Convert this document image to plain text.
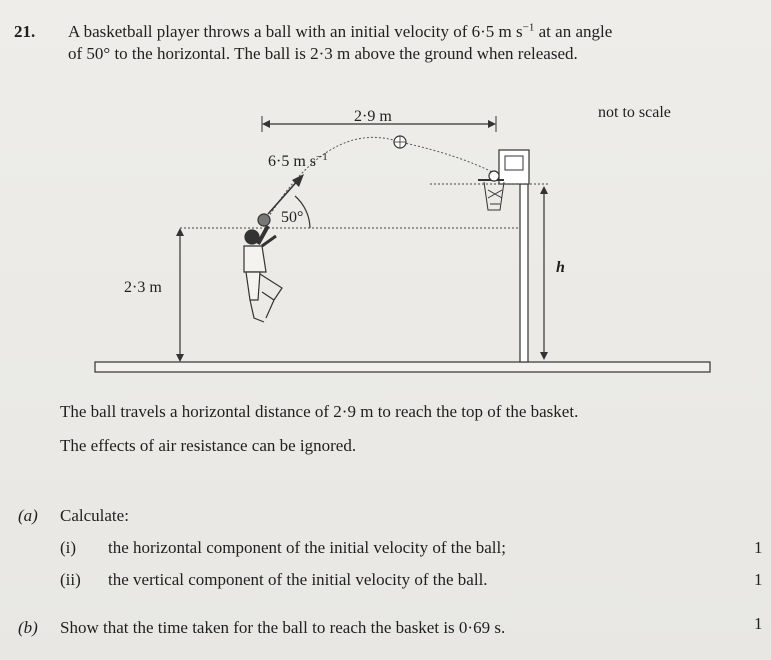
21. A basketball player throws a ball with an initial velocity of 6·5 m $s^{-1}$ at an angle
of 50° to the horizontal. The ball is 2·3 m above the ground when released.
2·9 m
6·5 m $s^{-1}$
50°
2·3 m
h
not to scale
The ball travels a horizontal distance of 2·9 m to reach the top of the basket.
The effects of air resistance can be ignored.
(a) Calculate:
(i) the horizontal component of the initial velocity of the ball;	1
(ii) the vertical component of the initial velocity of the ball.	1
(b) Show that the time taken for the ball to reach the basket is 0·69 s.	1
